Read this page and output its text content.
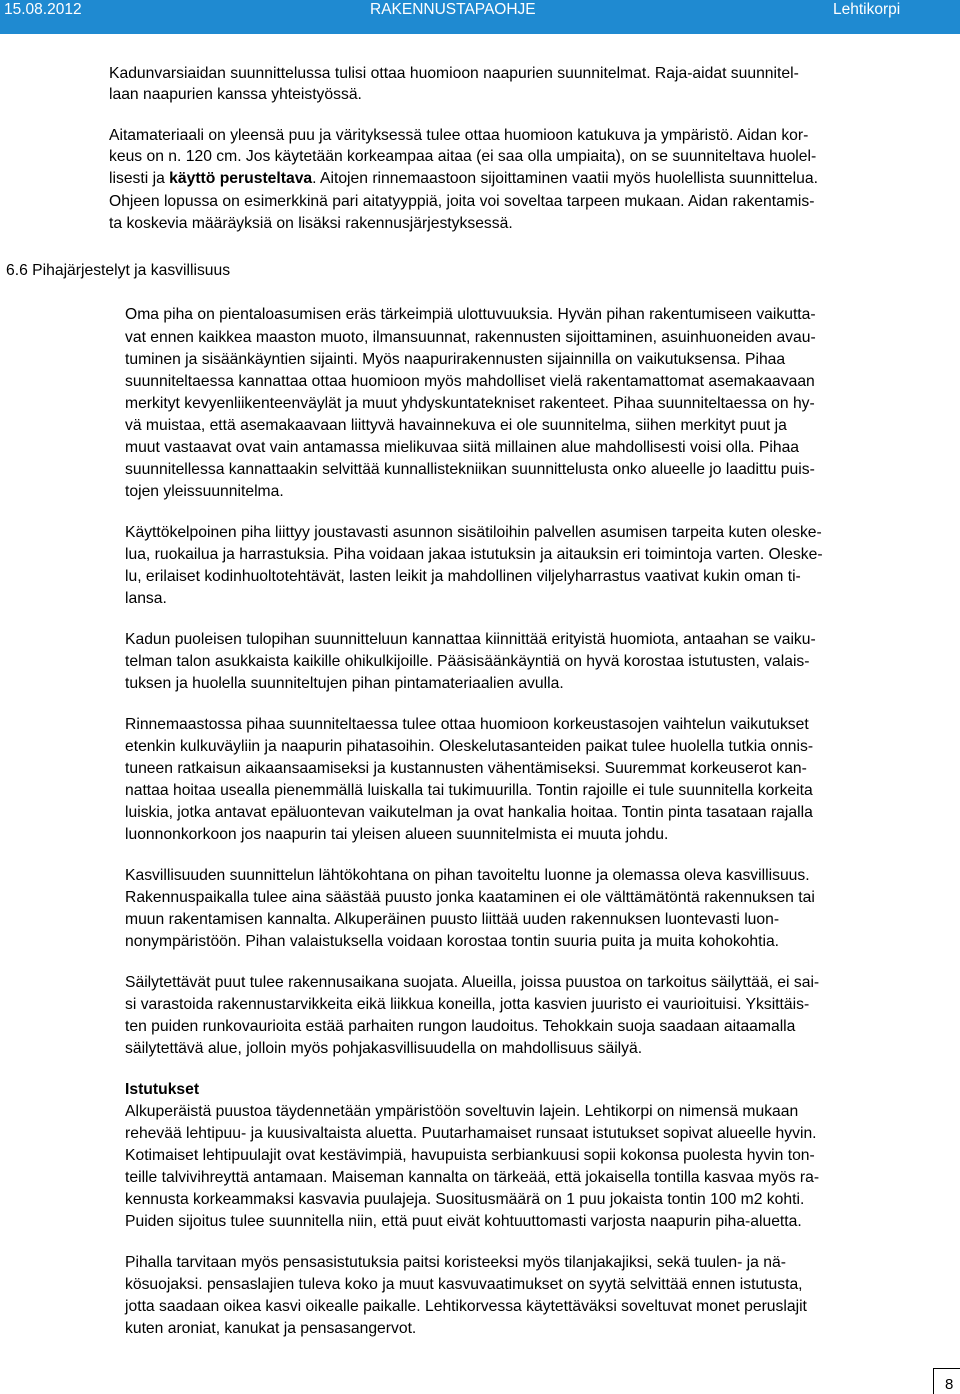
15.08.2012	RAKENNUSTAPAOHJE	Lehtikorpi
Kadunvarsiaidan suunnittelussa tulisi ottaa huomioon naapurien suunnitelmat. Raja-aidat suunnitel-
laan naapurien kanssa yhteistyössä.
Aitamateriaali on yleensä puu ja värityksessä tulee ottaa huomioon katukuva ja ympäristö. Aidan kor-
keus on n. 120 cm. Jos käytetään korkeampaa aitaa (ei saa olla umpiaita), on se suunniteltava huolel-
lisesti ja käyttö perusteltava. Aitojen rinnemaastoon sijoittaminen vaatii myös huolellista suunnittelua.
Ohjeen lopussa on esimerkkinä pari aitatyyppiä, joita voi soveltaa tarpeen mukaan. Aidan rakentamis-
ta koskevia määräyksiä on lisäksi rakennusjärjestyksessä.
6.6 Pihajärjestelyt ja kasvillisuus
Oma piha on pientaloasumisen eräs tärkeimpiä ulottuvuuksia. Hyvän pihan rakentumiseen vaikutta-
vat ennen kaikkea maaston muoto, ilmansuunnat, rakennusten sijoittaminen, asuinhuoneiden avau-
tuminen ja sisäänkäyntien sijainti. Myös naapurirakennusten sijainnilla on vaikutuksensa. Pihaa
suunniteltaessa kannattaa ottaa huomioon myös mahdolliset vielä rakentamattomat asemakaavaan
merkityt kevyenliikenteenväylät ja muut yhdyskuntatekniset rakenteet. Pihaa suunniteltaessa on hy-
vä muistaa, että asemakaavaan liittyvä havainnekuva ei ole suunnitelma, siihen merkityt puut ja
muut vastaavat ovat vain antamassa mielikuvaa siitä millainen alue mahdollisesti voisi olla. Pihaa
suunnitellessa kannattaakin selvittää kunnallistekniikan suunnittelusta onko alueelle jo laadittu puis-
tojen yleissuunnitelma.
Käyttökelpoinen piha liittyy joustavasti asunnon sisätiloihin palvellen asumisen tarpeita kuten oleske-
lua, ruokailua ja harrastuksia. Piha voidaan jakaa istutuksin ja aitauksin eri toimintoja varten. Oleske-
lu, erilaiset kodinhuoltotehtävät, lasten leikit ja mahdollinen viljelyharrastus vaativat kukin oman ti-
lansa.
Kadun puoleisen tulopihan suunnitteluun kannattaa kiinnittää erityistä huomiota, antaahan se vaiku-
telman talon asukkaista kaikille ohikulkijoille. Pääsisäänkäyntiä on hyvä korostaa istutusten, valais-
tuksen ja huolella suunniteltujen pihan pintamateriaalien avulla.
Rinnemaastossa pihaa suunniteltaessa tulee ottaa huomioon korkeustasojen vaihtelun vaikutukset
etenkin kulkuväyliin ja naapurin pihatasoihin. Oleskelutasanteiden paikat tulee huolella tutkia onnis-
tuneen ratkaisun aikaansaamiseksi ja kustannusten vähentämiseksi. Suuremmat korkeuserot kan-
nattaa hoitaa usealla pienemmällä luiskalla tai tukimuurilla. Tontin rajoille ei tule suunnitella korkeita
luiskia, jotka antavat epäluontevan vaikutelman ja ovat hankalia hoitaa. Tontin pinta tasataan rajalla
luonnonkorkoon jos naapurin tai yleisen alueen suunnitelmista ei muuta johdu.
Kasvillisuuden suunnittelun lähtökohtana on pihan tavoiteltu luonne ja olemassa oleva kasvillisuus.
Rakennuspaikalla tulee aina säästää puusto jonka kaataminen ei ole välttämätöntä rakennuksen tai
muun rakentamisen kannalta. Alkuperäinen puusto liittää uuden rakennuksen luontevasti luon-
nonympäristöön. Pihan valaistuksella voidaan korostaa tontin suuria puita ja muita kohokohtia.
Säilytettävät puut tulee rakennusaikana suojata. Alueilla, joissa puustoa on tarkoitus säilyttää, ei sai-
si varastoida rakennustarvikkeita eikä liikkua koneilla, jotta kasvien juuristo ei vaurioituisi. Yksittäis-
ten puiden runkovaurioita estää parhaiten rungon laudoitus. Tehokkain suoja saadaan aitaamalla
säilytettävä alue, jolloin myös pohjakasvillisuudella on mahdollisuus säilyä.
Istutukset
Alkuperäistä puustoa täydennetään ympäristöön soveltuvin lajein. Lehtikorpi on nimensä mukaan
rehevää lehtipuu- ja kuusivaltaista aluetta. Puutarhamaiset runsaat istutukset sopivat alueelle hyvin.
Kotimaiset lehtipuulajit ovat kestävimpiä, havupuista serbiankuusi sopii kokonsa puolesta hyvin ton-
teille talvivihreyttä antamaan. Maiseman kannalta on tärkeää, että jokaisella tontilla kasvaa myös ra-
kennusta korkeammaksi kasvavia puulajeja. Suositusmäärä on 1 puu jokaista tontin 100 m2 kohti.
Puiden sijoitus tulee suunnitella niin, että puut eivät kohtuuttomasti varjosta naapurin piha-aluetta.
Pihalla tarvitaan myös pensasistutuksia paitsi koristeeksi myös tilanjakajiksi, sekä tuulen- ja nä-
kösuojaksi. pensaslajien tuleva koko ja muut kasvuvaatimukset on syytä selvittää ennen istutusta,
jotta saadaan oikea kasvi oikealle paikalle. Lehtikorvessa käytettäväksi soveltuvat monet peruslajit
kuten aroniat, kanukat ja pensasangervot.
8
